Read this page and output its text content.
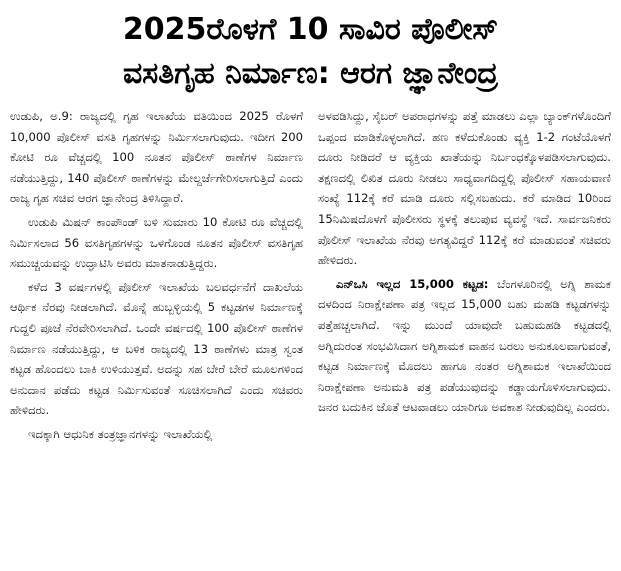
2025ರೊಳಗೆ 10 ಸಾವಿರ ಪೊಲೀಸ್
ವಸತಿಗೃಹ ನಿರ್ಮಾಣ: ಆರಗ ಜ್ಞಾನೇಂದ್ರ

ಉಡುಪಿ, ಅ.9: ರಾಜ್ಯದಲ್ಲಿ ಗೃಹ ಇಲಾಖೆಯ ವತಿಯಿಂದ 2025 ರೊಳಗೆ 10,000 ಪೊಲೀಸ್ ವಸತಿ ಗೃಹಗಳನ್ನು ನಿರ್ಮಿಸಲಾಗುವುದು. ಇದೀಗ 200 ಕೋಟಿ ರೂ ವೆಚ್ಚದಲ್ಲಿ 100 ನೂತನ ಪೊಲೀಸ್ ಠಾಣೆಗಳ ನಿರ್ಮಾಣ ನಡೆಯುತ್ತಿದ್ದು, 140 ಪೊಲೀಸ್ ಠಾಣೆಗಳನ್ನು ಮೇಲ್ದರ್ಜೆಗೇರಿಸಲಾಗುತ್ತಿದೆ ಎಂದು ರಾಜ್ಯ ಗೃಹ ಸಚಿವ ಆರಗ ಜ್ಞಾನೇಂದ್ರ ತಿಳಿಸಿದ್ದಾರೆ.

ಉಡುಪಿ ಮಿಷನ್ ಕಾಂಪೌಂಡ್ ಬಳಿ ಸುಮಾರು 10 ಕೋಟಿ ರೂ ವೆಚ್ಚದಲ್ಲಿ ನಿರ್ಮಿಸಲಾದ 56 ವಸತಿಗೃಹಗಳನ್ನು ಒಳಗೊಂಡ ನೂತನ ಪೊಲೀಸ್ ವಸತಿಗೃಹ ಸಮುಚ್ಚಯವನ್ನು ಉದ್ಘಾಟಿಸಿ ಅವರು ಮಾತನಾಡುತ್ತಿದ್ದರು.

ಕಳೆದ 3 ವರ್ಷಗಳಲ್ಲಿ ಪೊಲೀಸ್ ಇಲಾಖೆಯ ಬಲವರ್ಧನೆಗೆ ದಾಖಲೆಯ ಆರ್ಥಿಕ ನೆರವು ನೀಡಲಾಗಿದೆ. ಮೊನ್ನೆ ಹುಬ್ಬಳ್ಳಿಯಲ್ಲಿ 5 ಕಟ್ಟಡಗಳ ನಿರ್ಮಾಣಕ್ಕೆ ಗುದ್ದಲಿ ಪೂಜೆ ನೆರವೇರಿಸಲಾಗಿದೆ. ಒಂದೇ ವರ್ಷದಲ್ಲಿ 100 ಪೊಲೀಸ್ ಠಾಣೆಗಳ ನಿರ್ಮಾಣ ನಡೆಯುತ್ತಿದ್ದು, ಆ ಬಳಿಕ ರಾಜ್ಯದಲ್ಲಿ 13 ಠಾಣೆಗಳು ಮಾತ್ರ ಸ್ವಂತ ಕಟ್ಟಡ ಹೊಂದಲು ಬಾಕಿ ಉಳಿಯುತ್ತವೆ. ಅದನ್ನು ಸಹ ಬೇರೆ ಬೇರೆ ಮೂಲಗಳಿಂದ ಅನುದಾನ ಪಡೆದು ಕಟ್ಟಡ ನಿರ್ಮಿಸುವಂತೆ ಸೂಚಿಸಲಾಗಿದೆ ಎಂದು ಸಚಿವರು ಹೇಳಿದರು.

ಇದಕ್ಕಾಗಿ ಆಧುನಿಕ ತಂತ್ರಜ್ಞಾನಗಳನ್ನು ಇಲಾಖೆಯಲ್ಲಿ

ಅಳವಡಿಸಿದ್ದು, ಸೈಬರ್ ಅಪರಾಧಗಳನ್ನು ಪತ್ತೆ ಮಾಡಲು ಎಲ್ಲಾ ಬ್ಯಾಂಕ್‌ಗಳೊಂದಿಗೆ ಒಪ್ಪಂದ ಮಾಡಿಕೊಳ್ಳಲಾಗಿದೆ. ಹಣ ಕಳೆದುಕೊಂಡು ವ್ಯಕ್ತಿ 1-2 ಗಂಟೆಯೊಳಗೆ ದೂರು ನೀಡಿದರೆ ಆ ವ್ಯಕ್ತಿಯ ಖಾತೆಯನ್ನು ನಿರ್ಬಂಧಕ್ಕೊಳಪಡಿಸಲಾಗುವುದು. ತಕ್ಷಣದಲ್ಲಿ ಲಿಖಿತ ದೂರು ನೀಡಲು ಸಾಧ್ಯವಾಗದಿದ್ದಲ್ಲಿ ಪೊಲೀಸ್ ಸಹಾಯವಾಣಿ ಸಂಖ್ಯೆ 112ಕ್ಕೆ ಕರೆ ಮಾಡಿ ದೂರು ಸಲ್ಲಿಸಬಹುದು. ಕರೆ ಮಾಡಿದ 10ರಿಂದ 15ನಿಮಿಷದೊಳಗೆ ಪೊಲೀಸರು ಸ್ಥಳಕ್ಕೆ ತಲುಪುವ ವ್ಯವಸ್ಥೆ ಇದೆ. ಸಾರ್ವಜನಿಕರು ಪೊಲೀಸ್ ಇಲಾಖೆಯ ನೆರವು ಅಗತ್ಯವಿದ್ದರೆ 112ಕ್ಕೆ ಕರೆ ಮಾಡುವಂತೆ ಸಚಿವರು ಹೇಳಿದರು.

ಎನ್‌ಒಸಿ ಇಲ್ಲದ 15,000 ಕಟ್ಟಡ: ಬೆಂಗಳೂರಿನಲ್ಲಿ ಅಗ್ನಿ ಶಾಮಕ ದಳದಿಂದ ನಿರಾಕ್ಷೇಪಣಾ ಪತ್ರ ಇಲ್ಲದ 15,000 ಬಹು ಮಹಡಿ ಕಟ್ಟಡಗಳನ್ನು ಪತ್ತೆಹಚ್ಚಲಾಗಿದೆ. ಇನ್ನು ಮುಂದೆ ಯಾವುದೇ ಬಹುಮಹಡಿ ಕಟ್ಟಡದಲ್ಲಿ ಅಗ್ನಿದುರಂತ ಸಂಭವಿಸಿದಾಗ ಅಗ್ನಿಶಾಮಕ ವಾಹನ ಬರಲು ಅನುಕೂಲವಾಗುವಂತೆ, ಕಟ್ಟಡ ನಿರ್ಮಾಣಕ್ಕೆ ಮೊದಲು ಹಾಗೂ ನಂತರ ಅಗ್ನಿಶಾಮಕ ಇಲಾಖೆಯಿಂದ ನಿರಾಕ್ಷೇಪಣಾ ಅನುಮತಿ ಪತ್ರ ಪಡೆಯುವುದನ್ನು ಕಡ್ಡಾಯಗೊಳಿಸಲಾಗುವುದು. ಜನರ ಬದುಕಿನ ಜೊತೆ ಆಟವಾಡಲು ಯಾರಿಗೂ ಅವಕಾಶ ನೀಡುವುದಿಲ್ಲ ಎಂದರು.
